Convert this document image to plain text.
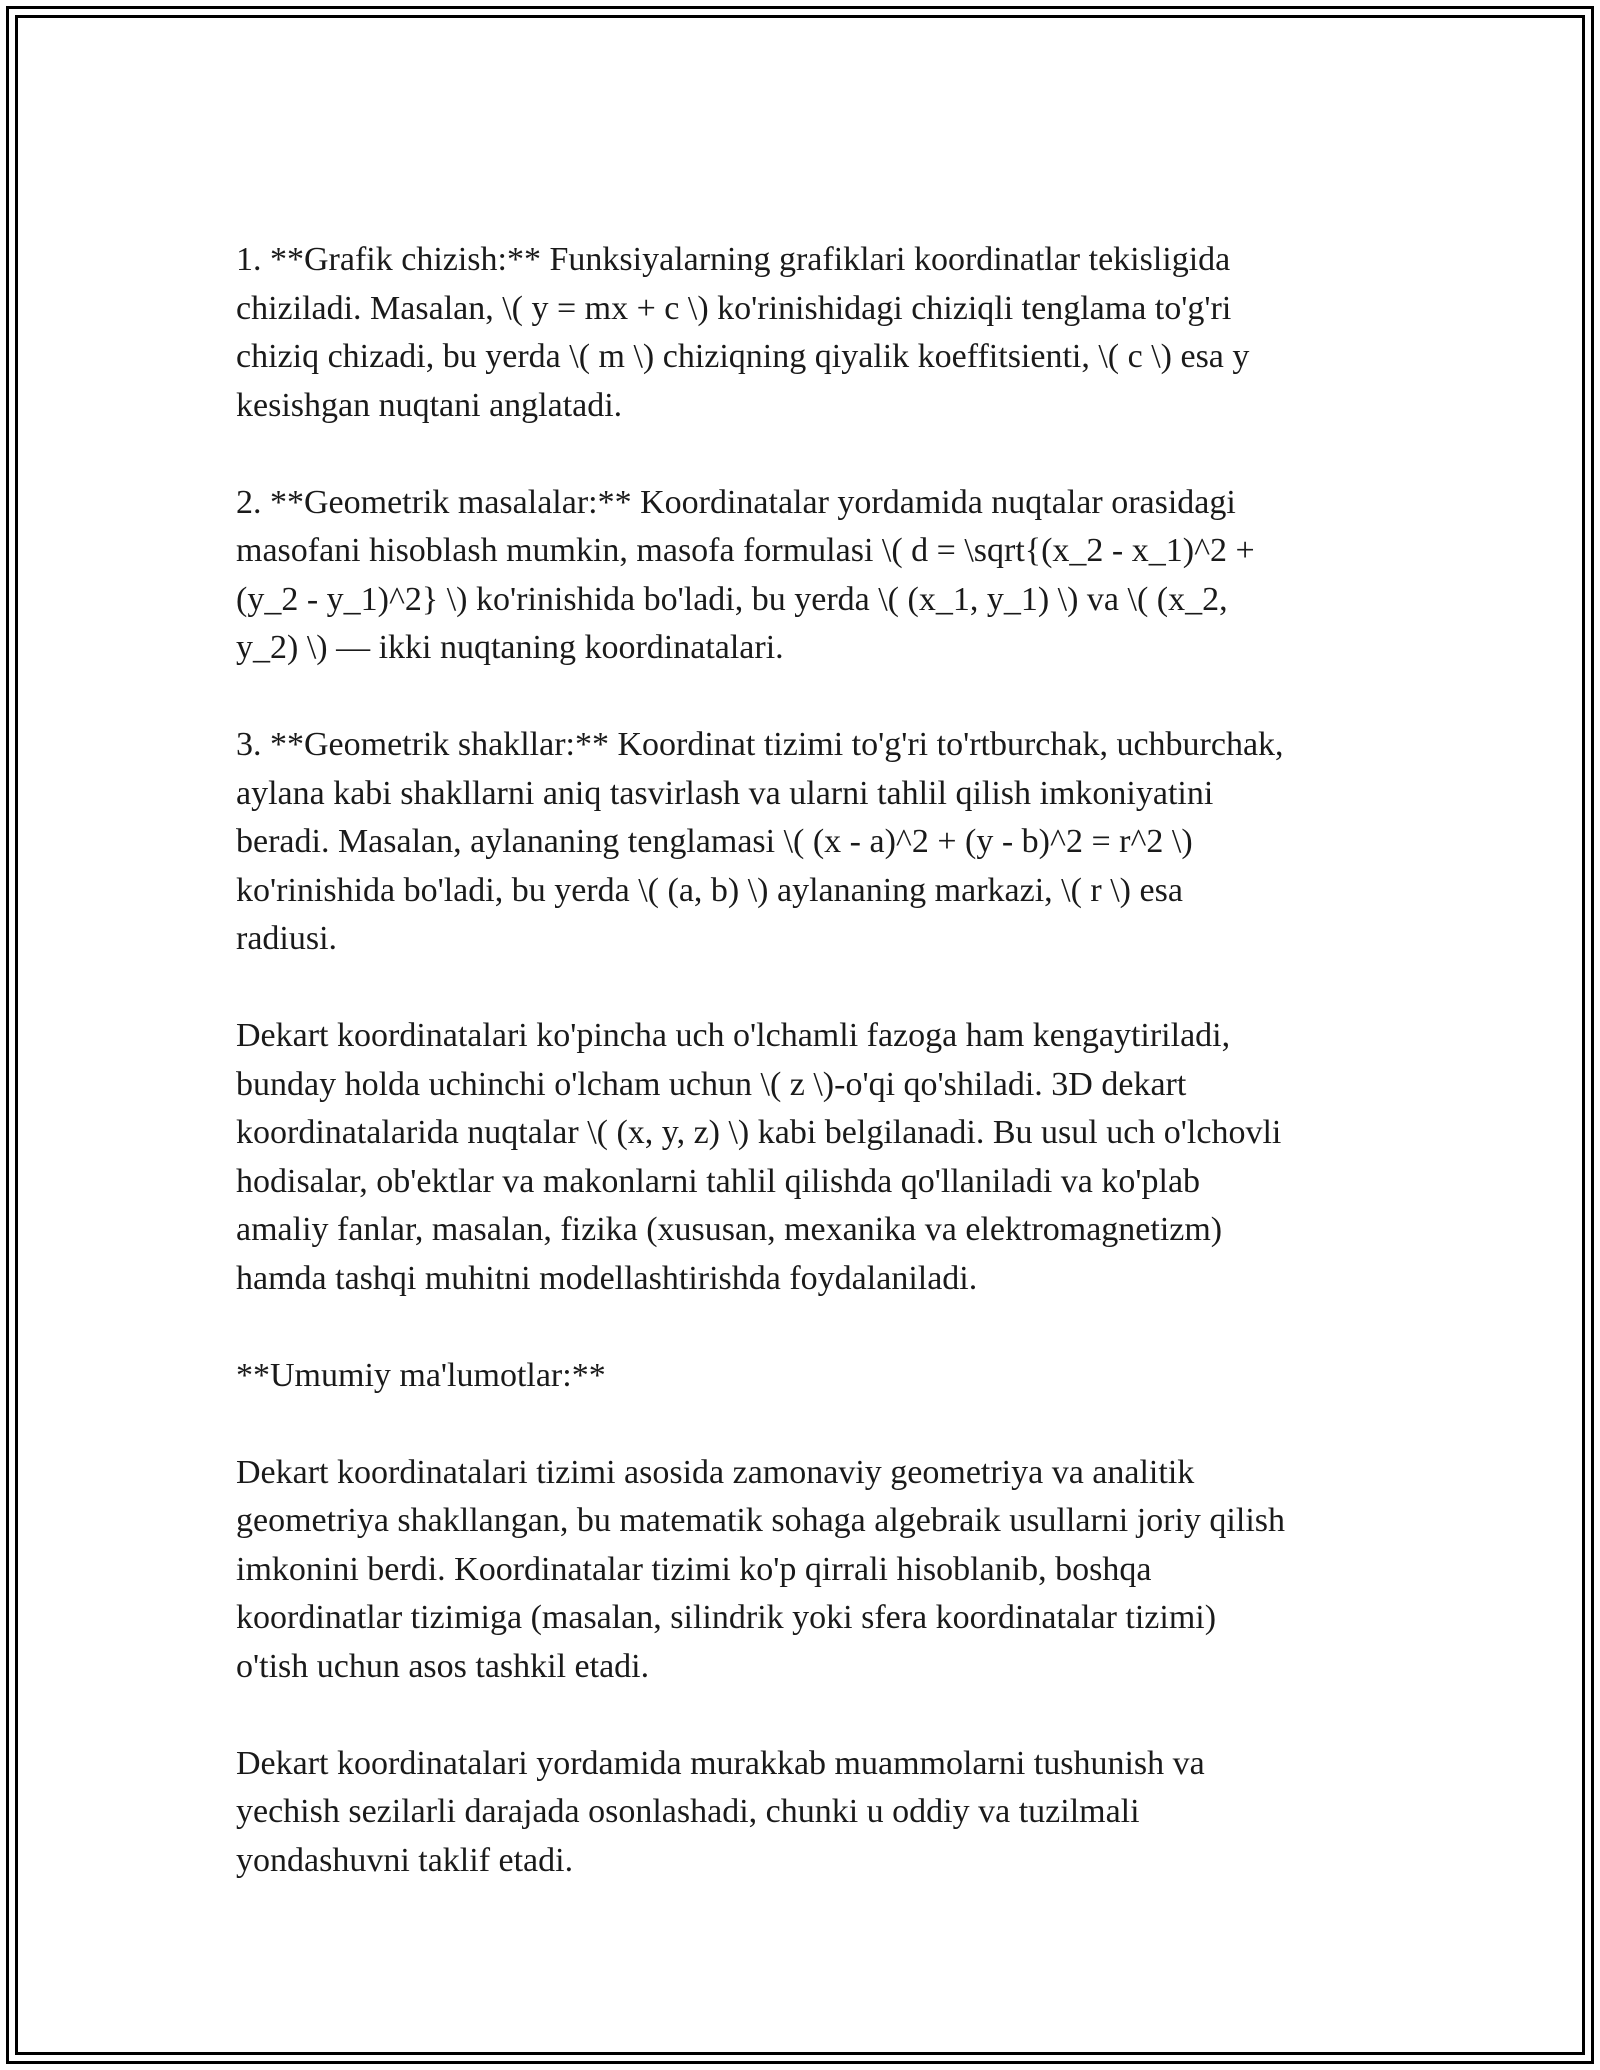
1. **Grafik chizish:** Funksiyalarning grafiklari koordinatlar tekisligida
chiziladi. Masalan, \( y = mx + c \) ko'rinishidagi chiziqli tenglama to'g'ri
chiziq chizadi, bu yerda \( m \) chiziqning qiyalik koeffitsienti, \( c \) esa y
kesishgan nuqtani anglatadi.

2. **Geometrik masalalar:** Koordinatalar yordamida nuqtalar orasidagi
masofani hisoblash mumkin, masofa formulasi \( d = \sqrt{(x_2 - x_1)^2 +
(y_2 - y_1)^2} \) ko'rinishida bo'ladi, bu yerda \( (x_1, y_1) \) va \( (x_2,
y_2) \) — ikki nuqtaning koordinatalari.

3. **Geometrik shakllar:** Koordinat tizimi to'g'ri to'rtburchak, uchburchak,
aylana kabi shakllarni aniq tasvirlash va ularni tahlil qilish imkoniyatini
beradi. Masalan, aylananing tenglamasi \( (x - a)^2 + (y - b)^2 = r^2 \)
ko'rinishida bo'ladi, bu yerda \( (a, b) \) aylananing markazi, \( r \) esa
radiusi.

Dekart koordinatalari ko'pincha uch o'lchamli fazoga ham kengaytiriladi,
bunday holda uchinchi o'lcham uchun \( z \)-o'qi qo'shiladi. 3D dekart
koordinatalarida nuqtalar \( (x, y, z) \) kabi belgilanadi. Bu usul uch o'lchovli
hodisalar, ob'ektlar va makonlarni tahlil qilishda qo'llaniladi va ko'plab
amaliy fanlar, masalan, fizika (xususan, mexanika va elektromagnetizm)
hamda tashqi muhitni modellashtirishda foydalaniladi.

**Umumiy ma'lumotlar:**

Dekart koordinatalari tizimi asosida zamonaviy geometriya va analitik
geometriya shakllangan, bu matematik sohaga algebraik usullarni joriy qilish
imkonini berdi. Koordinatalar tizimi ko'p qirrali hisoblanib, boshqa
koordinatlar tizimiga (masalan, silindrik yoki sfera koordinatalar tizimi)
o'tish uchun asos tashkil etadi.

Dekart koordinatalari yordamida murakkab muammolarni tushunish va
yechish sezilarli darajada osonlashadi, chunki u oddiy va tuzilmali
yondashuvni taklif etadi.
